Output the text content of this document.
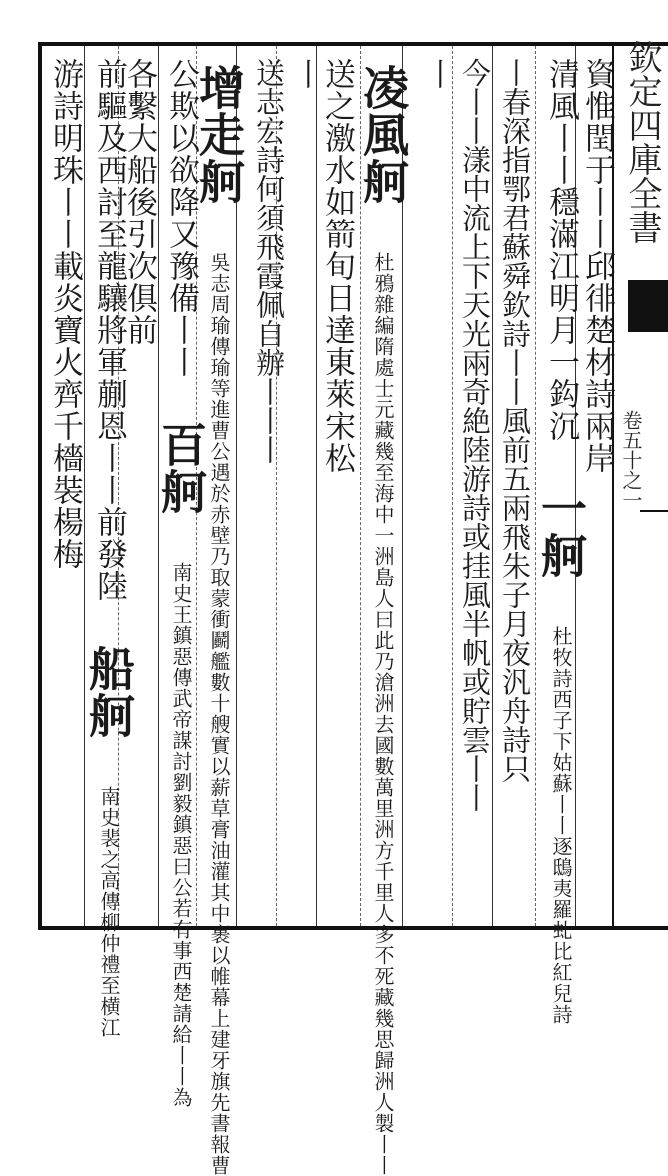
欽定四庫全書
卷五十之一
資惟閏于丨丨邱徘楚材詩兩岸
清風丨丨穩滿江明月一鈎沉 一舸 杜牧詩西子下姑蘇丨丨逐鴟夷羅虬比紅兒詩
丨春深指鄂君蘇舜欽詩丨丨風前五兩飛朱子月夜汎舟詩只
今丨丨漾中流上下天光兩奇絶陸游詩或挂風半帆或貯雲丨丨
丨
凌風舸 杜鴉雜編隋處士元藏幾至海中一洲島人曰此乃滄洲去國數萬里洲方千里人多不死藏幾思歸洲人製丨丨
送之激水如箭旬日達東萊宋松
丨
送志宏詩何須飛霞佩自辦丨丨丨
增走舸 吳志周瑜傳瑜等進曹公遇於赤壁乃取蒙衝鬬艦數十艘實以薪草膏油灌其中裹以帷幕上建牙旗先書報曹
公欺以欲降又豫備丨丨 百舸 南史王鎮惡傳武帝謀討劉毅鎮惡曰公若有事西楚請給丨丨為
各繫大船後引次俱前
前驅及西討至龍驤將軍蒯恩丨丨前發陸 船舸 南史裴之高傳柳仲禮至横江
游詩明珠丨丨載炎寶火齊千檣裝楊梅
